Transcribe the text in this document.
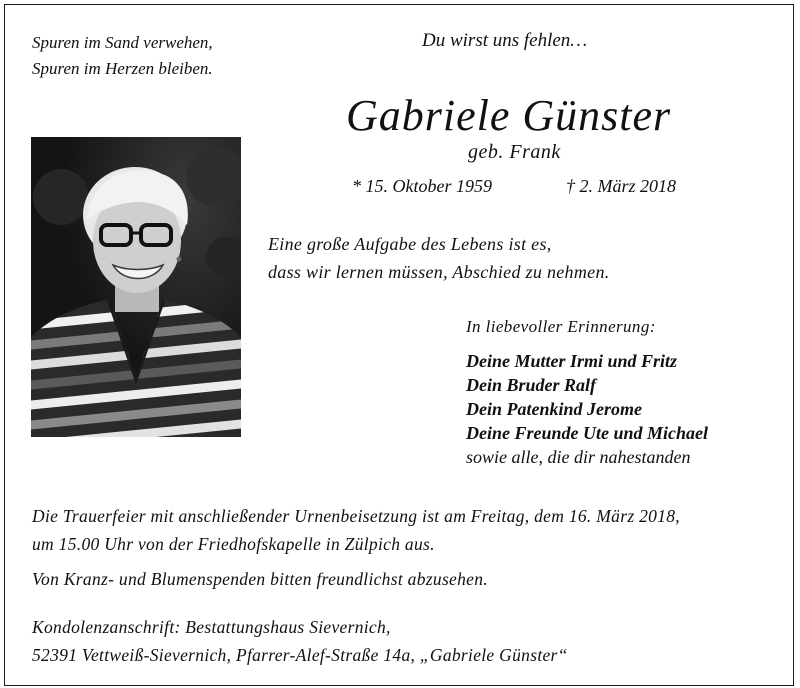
Spuren im Sand verwehen,
Spuren im Herzen bleiben.
Du wirst uns fehlen…
Gabriele Günster
geb. Frank
* 15. Oktober 1959	† 2. März 2018
Eine große Aufgabe des Lebens ist es,
dass wir lernen müssen, Abschied zu nehmen.
In liebevoller Erinnerung:
Deine Mutter Irmi und Fritz
Dein Bruder Ralf
Dein Patenkind Jerome
Deine Freunde Ute und Michael
sowie alle, die dir nahestanden
Die Trauerfeier mit anschließender Urnenbeisetzung ist am Freitag, dem 16. März 2018,
um 15.00 Uhr von der Friedhofskapelle in Zülpich aus.
Von Kranz- und Blumenspenden bitten freundlichst abzusehen.
Kondolenzanschrift: Bestattungshaus Sievernich,
52391 Vettweiß-Sievernich, Pfarrer-Alef-Straße 14a, „Gabriele Günster“
